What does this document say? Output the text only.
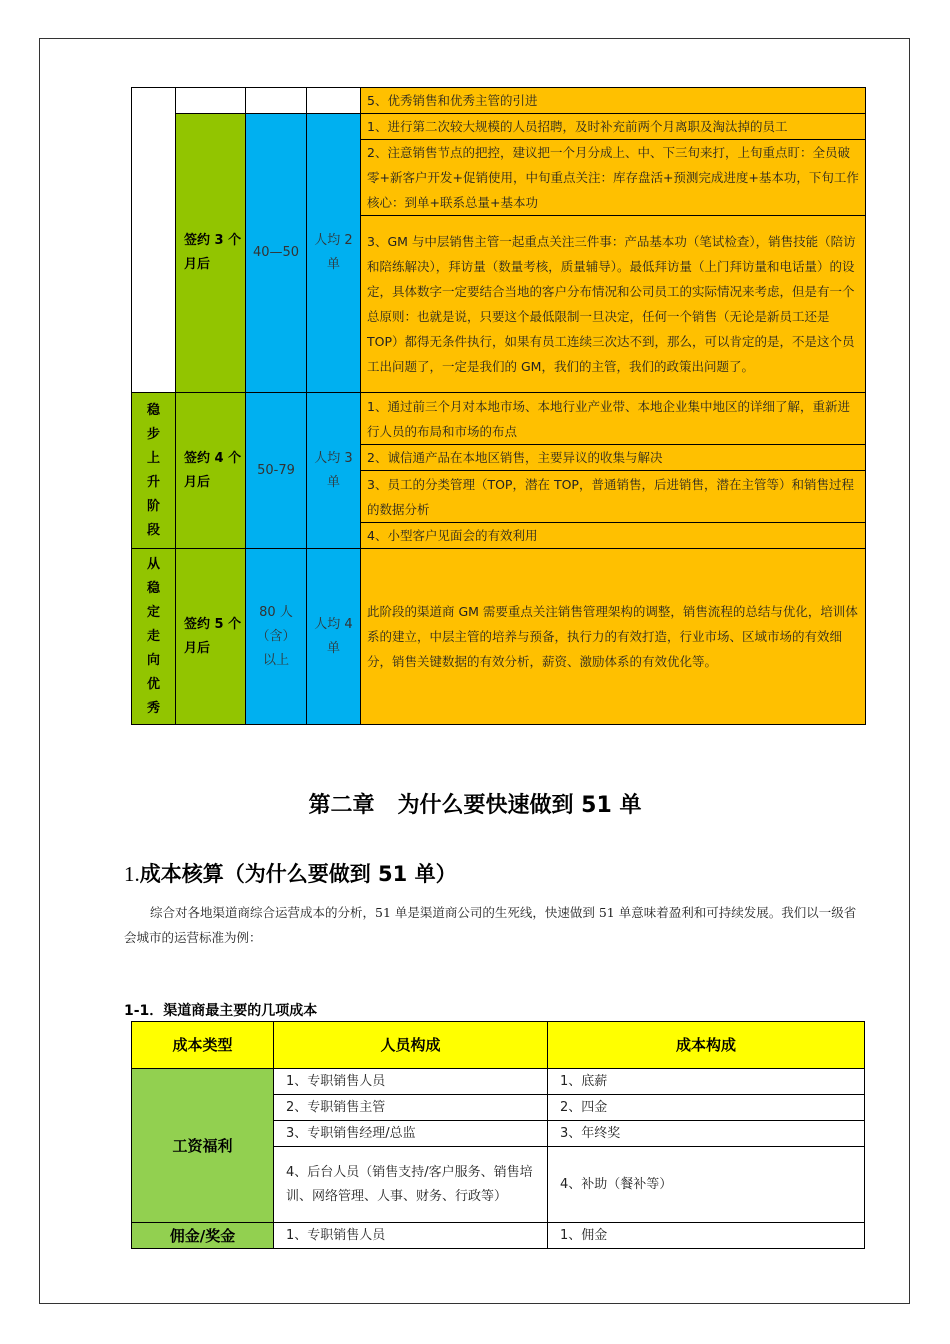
				5、优秀销售和优秀主管的引进
	签约 3 个月后	40—50	人均 2 单	1、进行第二次较大规模的人员招聘，及时补充前两个月离职及淘汰掉的员工
				2、注意销售节点的把控，建议把一个月分成上、中、下三旬来打，上旬重点盯：全员破零+新客户开发+促销使用，中旬重点关注：库存盘活+预测完成进度+基本功，下旬工作核心：到单+联系总量+基本功
				3、GM 与中层销售主管一起重点关注三件事：产品基本功（笔试检查），销售技能（陪访和陪练解决），拜访量（数量考核，质量辅导）。最低拜访量（上门拜访量和电话量）的设定，具体数字一定要结合当地的客户分布情况和公司员工的实际情况来考虑，但是有一个总原则：也就是说，只要这个最低限制一旦决定，任何一个销售（无论是新员工还是 TOP）都得无条件执行，如果有员工连续三次达不到，那么，可以肯定的是，不是这个员工出问题了，一定是我们的 GM，我们的主管，我们的政策出问题了。

稳步上升阶段	签约 4 个月后	50-79	人均 3 单	1、通过前三个月对本地市场、本地行业产业带、本地企业集中地区的详细了解，重新进行人员的布局和市场的布点
				2、诚信通产品在本地区销售，主要异议的收集与解决
				3、员工的分类管理（TOP，潜在 TOP，普通销售，后进销售，潜在主管等）和销售过程的数据分析
				4、小型客户见面会的有效利用

从稳定走向优秀	签约 5 个月后	80 人（含）以上	人均 4 单	此阶段的渠道商 GM 需要重点关注销售管理架构的调整，销售流程的总结与优化，培训体系的建立，中层主管的培养与预备，执行力的有效打造，行业市场、区域市场的有效细分，销售关键数据的有效分析，薪资、激励体系的有效优化等。
第二章   为什么要快速做到 51 单
1.成本核算（为什么要做到 51 单）
综合对各地渠道商综合运营成本的分析，51 单是渠道商公司的生死线，快速做到 51 单意味着盈利和可持续发展。我们以一级省会城市的运营标准为例：
1-1．渠道商最主要的几项成本
成本类型	人员构成	成本构成
工资福利	1、专职销售人员	1、底薪
	2、专职销售主管	2、四金
	3、专职销售经理/总监	3、年终奖
	4、后台人员（销售支持/客户服务、销售培训、网络管理、人事、财务、行政等）	4、补助（餐补等）
佣金/奖金	1、专职销售人员	1、佣金
